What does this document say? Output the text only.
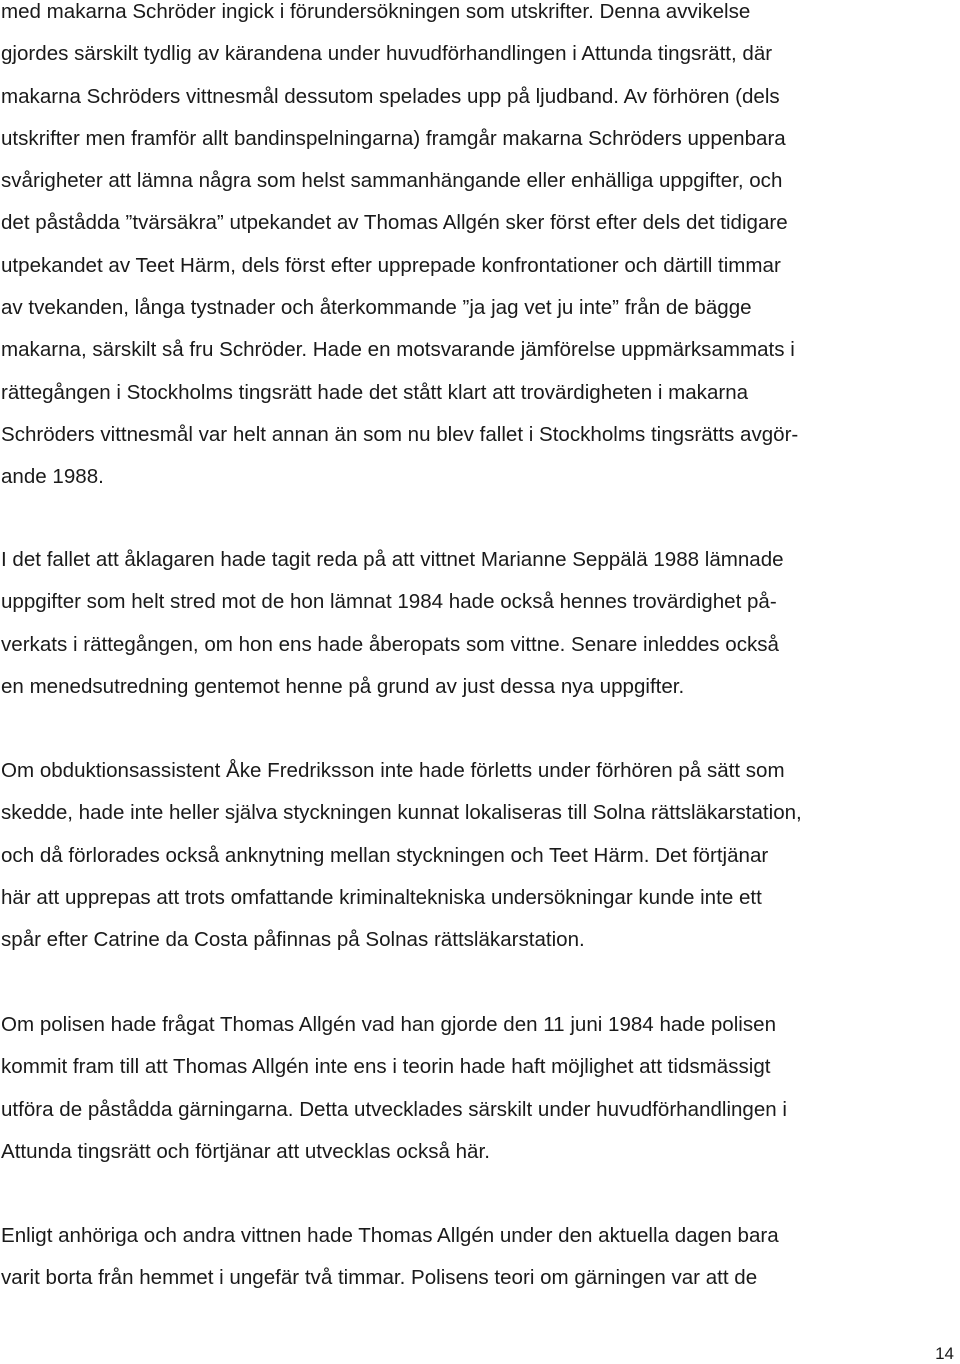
med makarna Schröder ingick i förundersökningen som utskrifter. Denna avvikelse
gjordes särskilt tydlig av kärandena under huvudförhandlingen i Attunda tingsrätt, där
makarna Schröders vittnesmål dessutom spelades upp på ljudband. Av förhören (dels
utskrifter men framför allt bandinspelningarna) framgår makarna Schröders uppenbara
svårigheter att lämna några som helst sammanhängande eller enhälliga uppgifter, och
det påstådda ”tvärsäkra” utpekandet av Thomas Allgén sker först efter dels det tidigare
utpekandet av Teet Härm, dels först efter upprepade konfrontationer och därtill timmar
av tvekanden, långa tystnader och återkommande ”ja jag vet ju inte” från de bägge
makarna, särskilt så fru Schröder. Hade en motsvarande jämförelse uppmärksammats i
rättegången i Stockholms tingsrätt hade det stått klart att trovärdigheten i makarna
Schröders vittnesmål var helt annan än som nu blev fallet i Stockholms tingsrätts avgör-
ande 1988.

I det fallet att åklagaren hade tagit reda på att vittnet Marianne Seppälä 1988 lämnade
uppgifter som helt stred mot de hon lämnat 1984 hade också hennes trovärdighet på-
verkats i rättegången, om hon ens hade åberopats som vittne. Senare inleddes också
en menedsutredning gentemot henne på grund av just dessa nya uppgifter.

Om obduktionsassistent Åke Fredriksson inte hade förletts under förhören på sätt som
skedde, hade inte heller själva styckningen kunnat lokaliseras till Solna rättsläkarstation,
och då förlorades också anknytning mellan styckningen och Teet Härm. Det förtjänar
här att upprepas att trots omfattande kriminaltekniska undersökningar kunde inte ett
spår efter Catrine da Costa påfinnas på Solnas rättsläkarstation.

Om polisen hade frågat Thomas Allgén vad han gjorde den 11 juni 1984 hade polisen
kommit fram till att Thomas Allgén inte ens i teorin hade haft möjlighet att tidsmässigt
utföra de påstådda gärningarna. Detta utvecklades särskilt under huvudförhandlingen i
Attunda tingsrätt och förtjänar att utvecklas också här.

Enligt anhöriga och andra vittnen hade Thomas Allgén under den aktuella dagen bara
varit borta från hemmet i ungefär två timmar. Polisens teori om gärningen var att de

14
